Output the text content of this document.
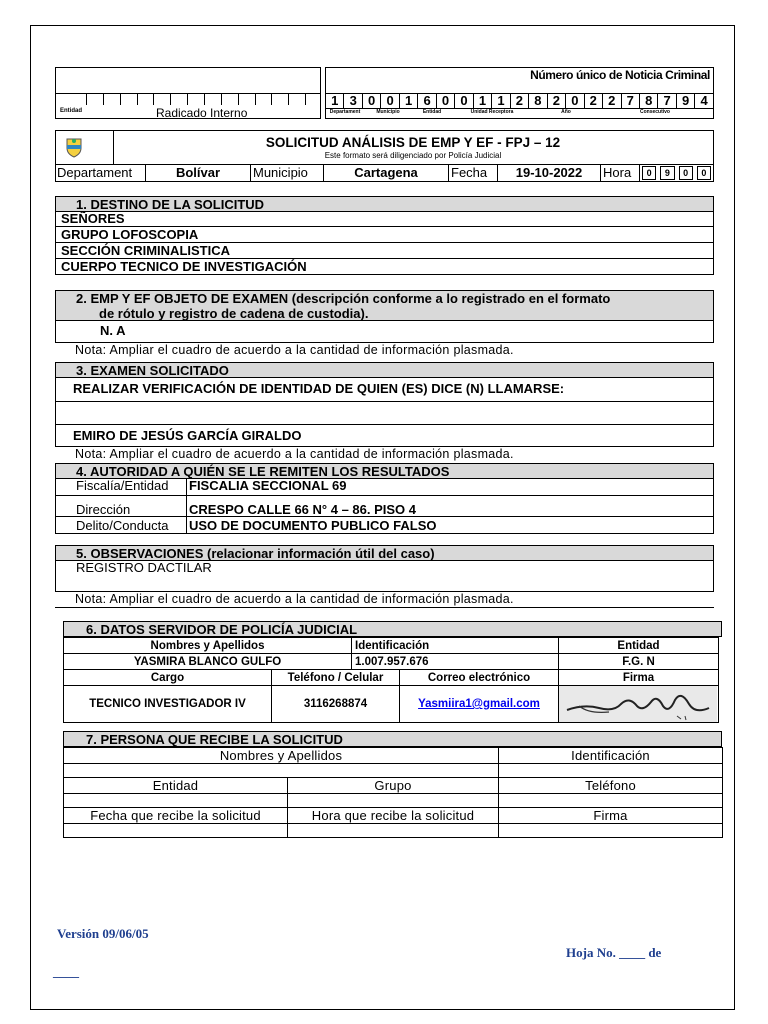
Entidad	Radicado Interno
Número único de Noticia Criminal
1 3 0 0 1 6 0 0 1 1 2 8 2 0 2 2 7 8 7 9 4
Departament	Municipio	Entidad	Unidad Receptora	Año	Consecutivo
SOLICITUD ANÁLISIS DE EMP Y EF - FPJ – 12
Este formato será diligenciado por Policía Judicial
Departament	Bolívar	Municipio	Cartagena	Fecha	19-10-2022	Hora	0	9	0	0
1. DESTINO DE LA SOLICITUD
SEÑORES
GRUPO LOFOSCOPIA
SECCIÓN CRIMINALISTICA
CUERPO TECNICO DE INVESTIGACIÓN
2. EMP Y EF OBJETO DE EXAMEN (descripción conforme a lo registrado en el formato
de rótulo y registro de cadena de custodia).
N. A
Nota: Ampliar el cuadro de acuerdo a la cantidad de información plasmada.
3. EXAMEN SOLICITADO
REALIZAR VERIFICACIÓN DE IDENTIDAD DE QUIEN (ES) DICE (N) LLAMARSE:
EMIRO DE JESÚS GARCÍA GIRALDO
Nota: Ampliar el cuadro de acuerdo a la cantidad de información plasmada.
4. AUTORIDAD A QUIÉN SE LE REMITEN LOS RESULTADOS
Fiscalía/Entidad	FISCALIA SECCIONAL 69
Dirección	CRESPO CALLE 66 N° 4 – 86. PISO 4
Delito/Conducta	USO DE DOCUMENTO PUBLICO FALSO
5. OBSERVACIONES (relacionar información útil del caso)
REGISTRO DACTILAR
Nota: Ampliar el cuadro de acuerdo a la cantidad de información plasmada.
6. DATOS SERVIDOR DE POLICÍA JUDICIAL
Nombres y Apellidos	Identificación	Entidad
YASMIRA BLANCO GULFO	1.007.957.676	F.G. N
Cargo	Teléfono / Celular	Correo electrónico	Firma
TECNICO INVESTIGADOR IV	3116268874	Yasmiira1@gmail.com	
7. PERSONA QUE RECIBE LA SOLICITUD
Nombres y Apellidos		Identificación

Entidad	Grupo	Teléfono

Fecha que recibe la solicitud	Hora que recibe la solicitud	Firma

Versión 09/06/05
Hoja No. ____ de
____
